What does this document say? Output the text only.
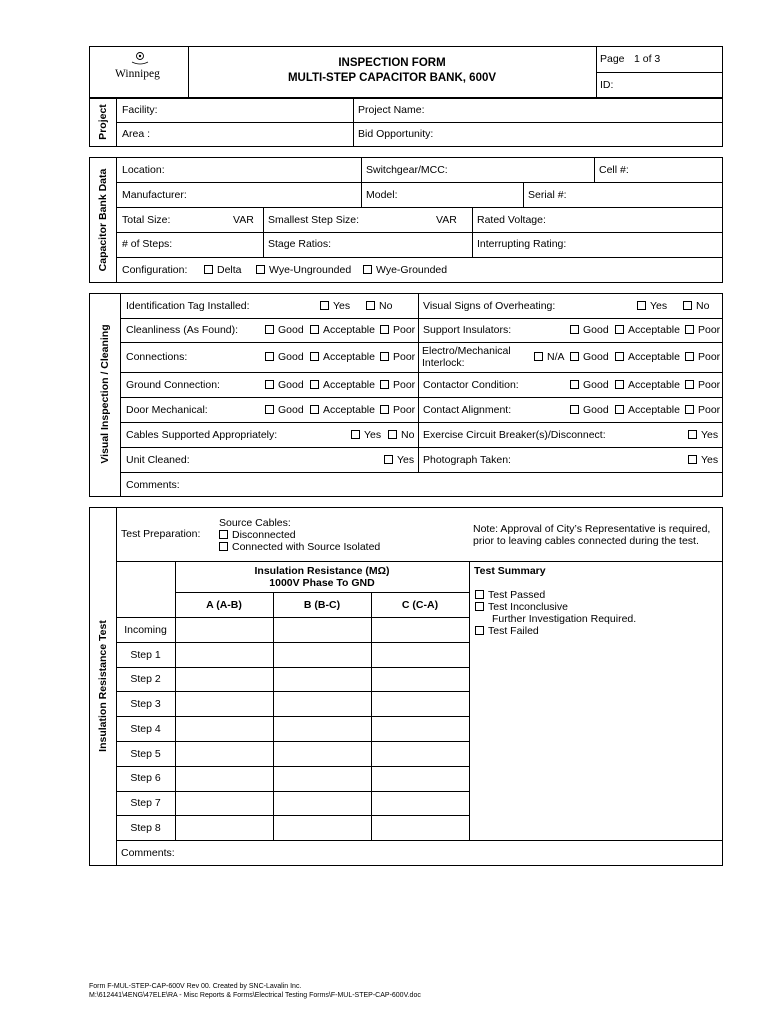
Winnipeg
INSPECTION FORM
MULTI-STEP CAPACITOR BANK, 600V
Page 1 of 3
ID:
Project Facility:	Project Name:
Area :	Bid Opportunity:
Capacitor Bank Data Location:	Switchgear/MCC:	Cell #:
Manufacturer:	Model:	Serial #:
Total Size:	VAR Smallest Step Size:	VAR Rated Voltage:
# of Steps:	Stage Ratios:	Interrupting Rating:
Configuration:	Delta	Wye-Ungrounded	Wye-Grounded
Visual Inspection / Cleaning
Identification Tag Installed:	Yes	No	Visual Signs of Overheating:	Yes	No
Cleanliness (As Found):	Good	Acceptable	Poor Support Insulators:	Good	Acceptable	Poor
Connections:	Good	Acceptable	Poor Electro/Mechanical
Interlock:	N/A	Good	Acceptable	Poor
Ground Connection:	Good	Acceptable	Poor Contactor Condition:	Good	Acceptable	Poor
Door Mechanical:	Good	Acceptable	Poor Contact Alignment:	Good	Acceptable	Poor
Cables Supported Appropriately:	Yes	No Exercise Circuit Breaker(s)/Disconnect:	Yes
Unit Cleaned:	Yes Photograph Taken:	Yes
Comments:
Insulation Resistance Test
Test Preparation:
Source Cables:
Disconnected
Connected with Source Isolated
Note: Approval of City’s Representative is required,
prior to leaving cables connected during the test.
Insulation Resistance (MΩ)
1000V Phase To GND
A (A-B)	B (B-C)	C (C-A)
Incoming
Step 1
Step 2
Step 3
Step 4
Step 5
Step 6
Step 7
Step 8
Test Summary
Test Passed
Test Inconclusive
Further Investigation Required.
Test Failed
Comments:
Form F-MUL-STEP-CAP-600V Rev 00. Created by SNC-Lavalin Inc.
M:\612441\4ENG\47ELE\RA - Misc Reports & Forms\Electrical Testing Forms\F-MUL-STEP-CAP-600V.doc
